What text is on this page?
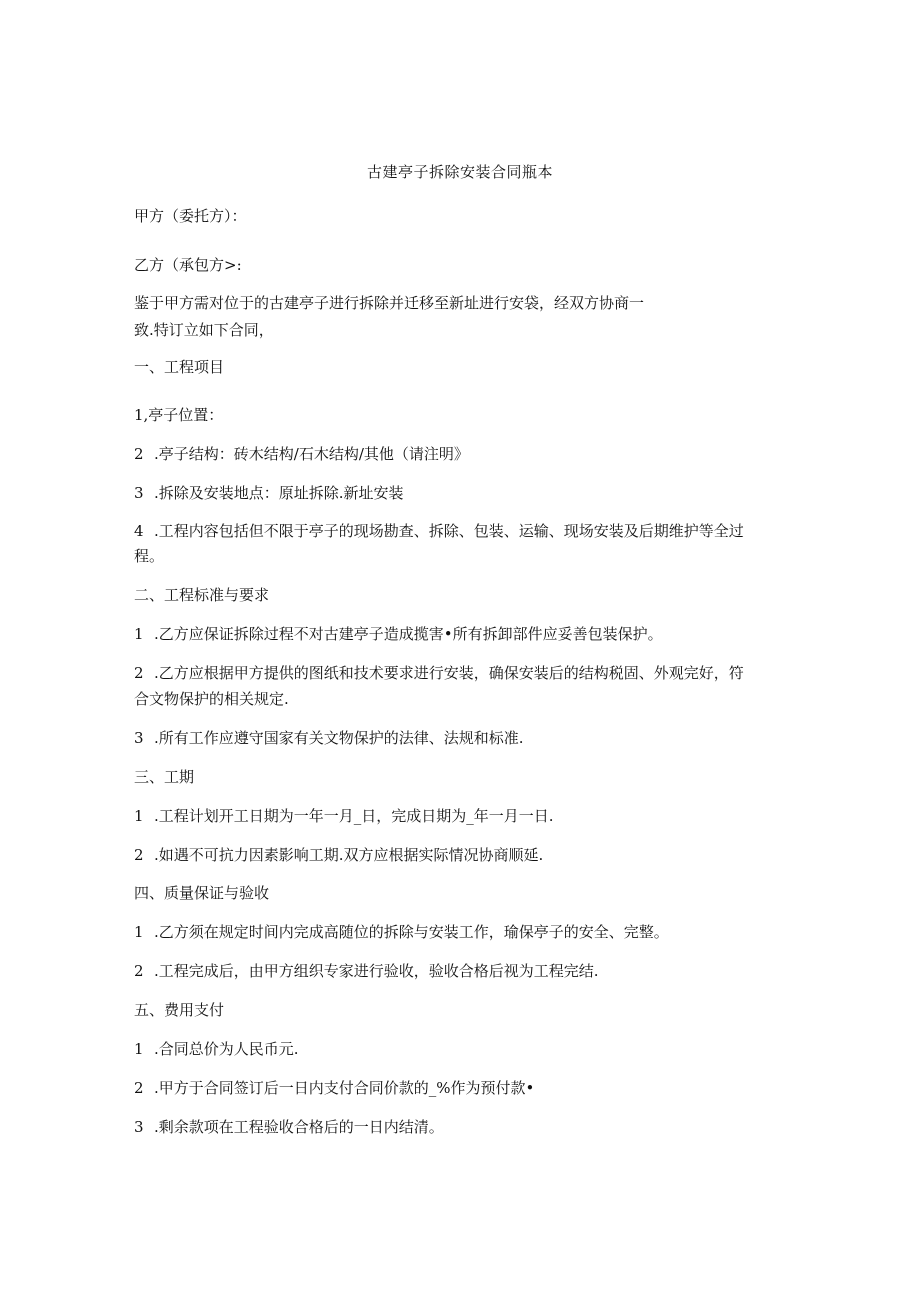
古建亭子拆除安装合同瓶本
甲方（委托方）：
乙方（承包方>:
鉴于甲方需对位于的古建亭子进行拆除并迁移至新址进行安袋，经双方协商一
致.特订立如下合同，
一、工程项目
1,亭子位置：
2 .亭子结构：砖木结构/石木结构/其他（请注明》
3 .拆除及安装地点：原址拆除.新址安装
4 .工程内容包括但不限于亭子的现场勘查、拆除、包装、运输、现场安装及后期维护等全过
程。
二、工程标准与要求
1 .乙方应保证拆除过程不对古建亭子造成揽害•所有拆卸部件应妥善包装保护。
2 .乙方应根据甲方提供的图纸和技术要求进行安装，确保安装后的结构税固、外观完好，符
合文物保护的相关规定.
3 .所有工作应遵守国家有关文物保护的法律、法规和标准.
三、工期
1 .工程计划开工日期为一年一月_日，完成日期为_年一月一日.
2 .如遇不可抗力因素影响工期.双方应根据实际情况协商顺延.
四、质量保证与验收
1 .乙方须在规定时间内完成高随位的拆除与安装工作，瑜保亭子的安全、完整。
2 .工程完成后，由甲方组织专家进行验收，验收合格后视为工程完结.
五、费用支付
1 .合同总价为人民币元.
2 .甲方于合同签订后一日内支付合同价款的_%作为预付款•
3 .剩余款项在工程验收合格后的一日内结清。
